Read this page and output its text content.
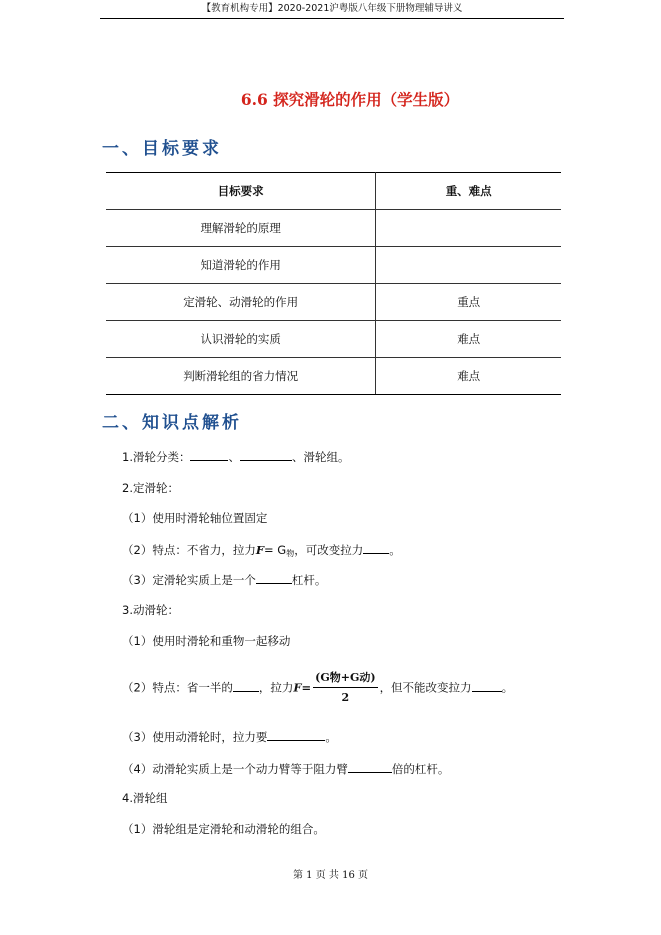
【教育机构专用】2020-2021沪粤版八年级下册物理辅导讲义
6.6 探究滑轮的作用（学生版）
一、目标要求
目标要求	重、难点
理解滑轮的原理	
知道滑轮的作用	
定滑轮、动滑轮的作用	重点
认识滑轮的实质	难点
判断滑轮组的省力情况	难点
二、知识点解析
1.滑轮分类：	、	、滑轮组。
2.定滑轮：
（1）使用时滑轮轴位置固定
（2）特点：不省力，拉力$F= G_物$，可改变拉力 。
（3）定滑轮实质上是一个	杠杆。
3.动滑轮：
（1）使用时滑轮和重物一起移动
（2）特点：省一半的 ，拉力$F= \frac{\text{(G物+G动)}}{2}$ ，但不能改变拉力	。
（3）使用动滑轮时，拉力要	。
（4）动滑轮实质上是一个动力臂等于阻力臂	倍的杠杆。
4.滑轮组
（1）滑轮组是定滑轮和动滑轮的组合。
第 1 页 共 16 页
